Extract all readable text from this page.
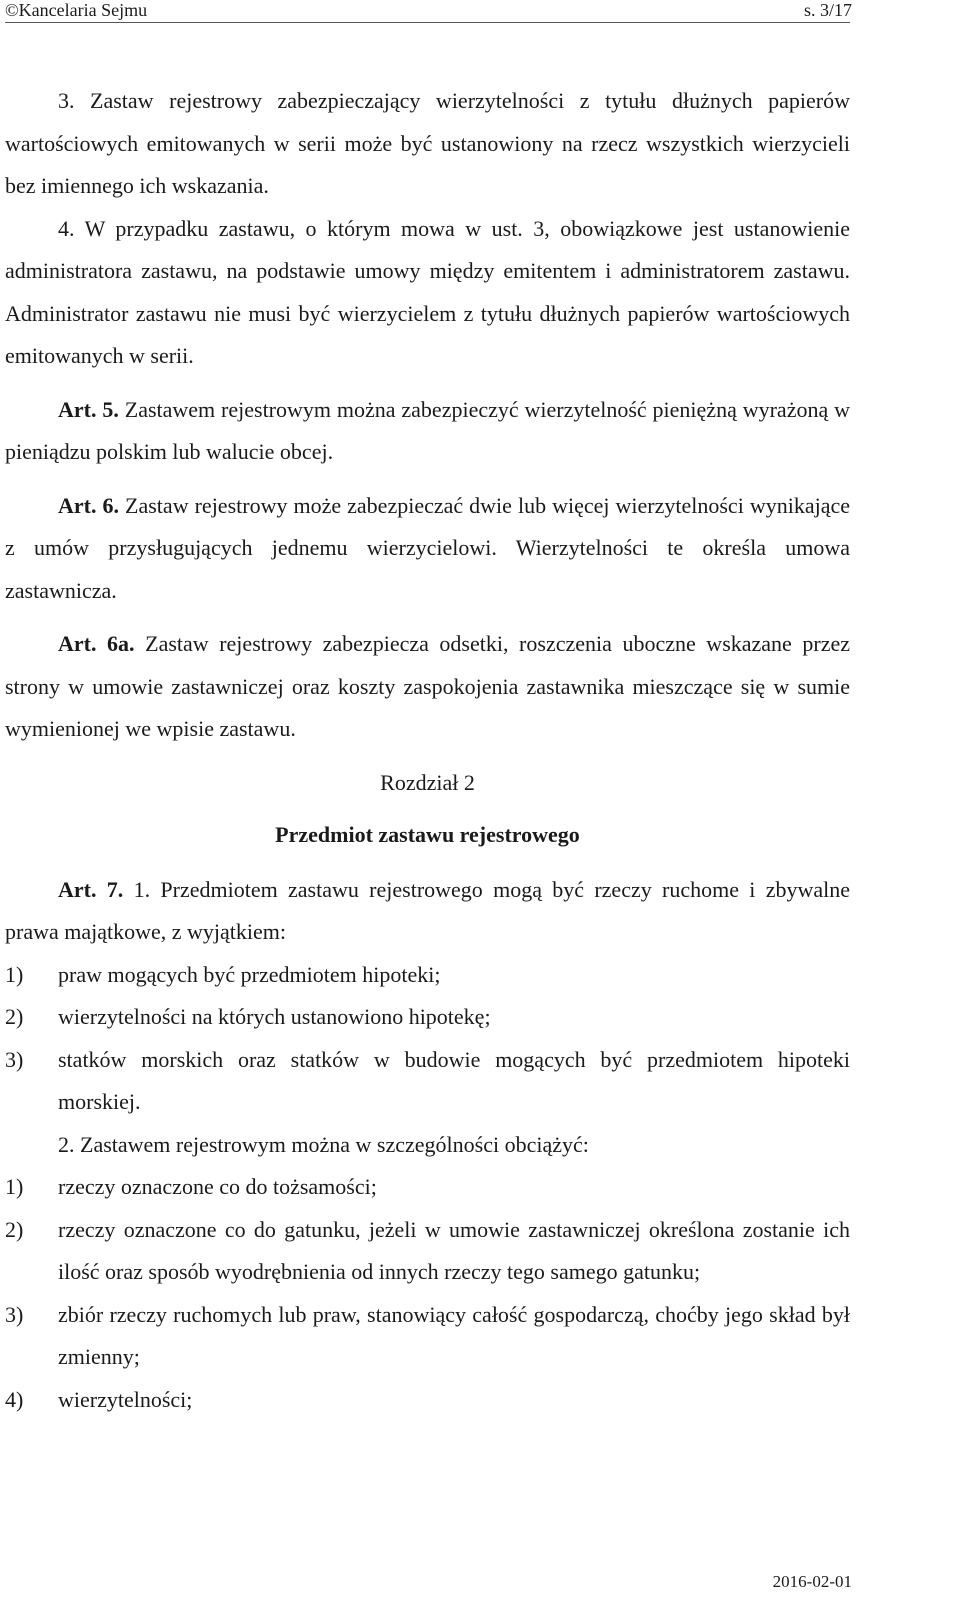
©Kancelaria Sejmu	s. 3/17

3. Zastaw rejestrowy zabezpieczający wierzytelności z tytułu dłużnych papierów wartościowych emitowanych w serii może być ustanowiony na rzecz wszystkich wierzycieli bez imiennego ich wskazania.

4. W przypadku zastawu, o którym mowa w ust. 3, obowiązkowe jest ustanowienie administratora zastawu, na podstawie umowy między emitentem i administratorem zastawu. Administrator zastawu nie musi być wierzycielem z tytułu dłużnych papierów wartościowych emitowanych w serii.

Art. 5. Zastawem rejestrowym można zabezpieczyć wierzytelność pieniężną wyrażoną w pieniądzu polskim lub walucie obcej.

Art. 6. Zastaw rejestrowy może zabezpieczać dwie lub więcej wierzytelności wynikające z umów przysługujących jednemu wierzycielowi. Wierzytelności te określa umowa zastawnicza.

Art. 6a. Zastaw rejestrowy zabezpiecza odsetki, roszczenia uboczne wskazane przez strony w umowie zastawniczej oraz koszty zaspokojenia zastawnika mieszczące się w sumie wymienionej we wpisie zastawu.

Rozdział 2

Przedmiot zastawu rejestrowego

Art. 7. 1. Przedmiotem zastawu rejestrowego mogą być rzeczy ruchome i zbywalne prawa majątkowe, z wyjątkiem:

1)	praw mogących być przedmiotem hipoteki;
2)	wierzytelności na których ustanowiono hipotekę;
3)	statków morskich oraz statków w budowie mogących być przedmiotem hipoteki morskiej.

2. Zastawem rejestrowym można w szczególności obciążyć:

1)	rzeczy oznaczone co do tożsamości;
2)	rzeczy oznaczone co do gatunku, jeżeli w umowie zastawniczej określona zostanie ich ilość oraz sposób wyodrębnienia od innych rzeczy tego samego gatunku;
3)	zbiór rzeczy ruchomych lub praw, stanowiący całość gospodarczą, choćby jego skład był zmienny;
4)	wierzytelności;
2016-02-01
